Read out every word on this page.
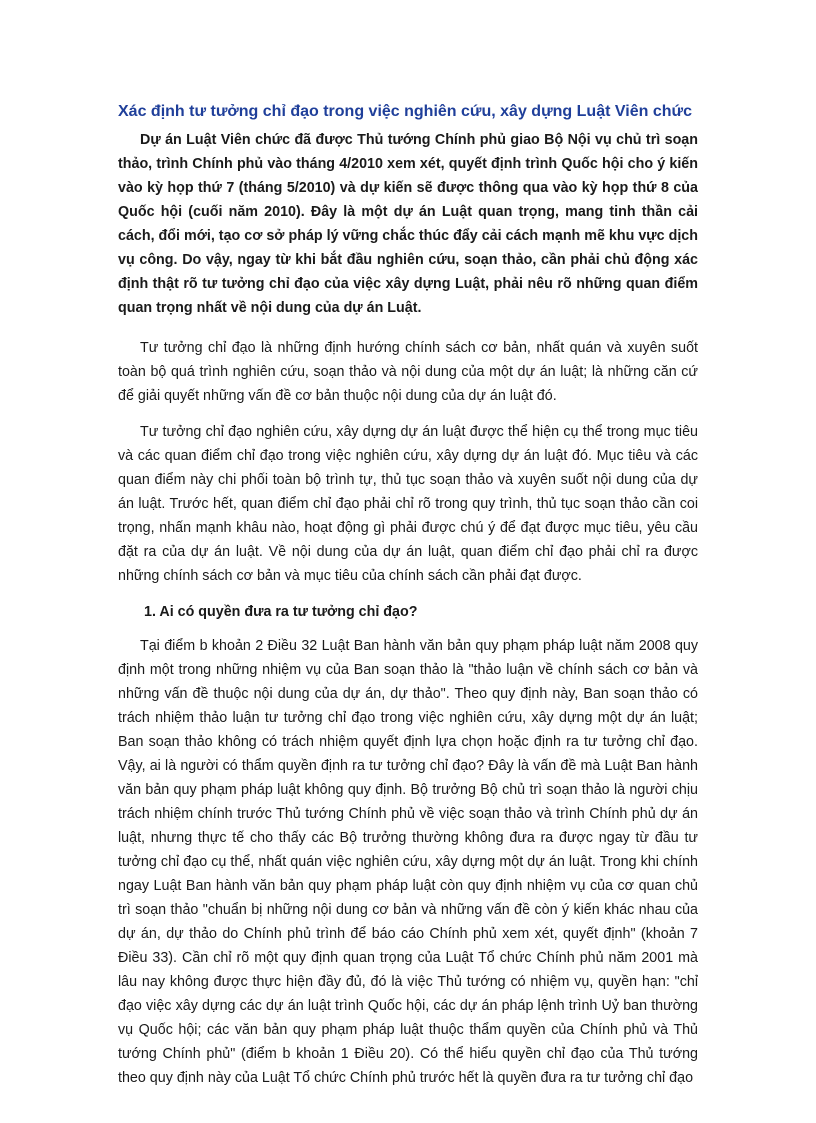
Xác định tư tưởng chỉ đạo trong việc nghiên cứu, xây dựng Luật Viên chức

Dự án Luật Viên chức đã được Thủ tướng Chính phủ giao Bộ Nội vụ chủ trì soạn thảo, trình Chính phủ vào tháng 4/2010 xem xét, quyết định trình Quốc hội cho ý kiến vào kỳ họp thứ 7 (tháng 5/2010) và dự kiến sẽ được thông qua vào kỳ họp thứ 8 của Quốc hội (cuối năm 2010). Đây là một dự án Luật quan trọng, mang tinh thần cải cách, đổi mới, tạo cơ sở pháp lý vững chắc thúc đẩy cải cách mạnh mẽ khu vực dịch vụ công. Do vậy, ngay từ khi bắt đầu nghiên cứu, soạn thảo, cần phải chủ động xác định thật rõ tư tưởng chỉ đạo của việc xây dựng Luật, phải nêu rõ những quan điểm quan trọng nhất về nội dung của dự án Luật.

Tư tưởng chỉ đạo là những định hướng chính sách cơ bản, nhất quán và xuyên suốt toàn bộ quá trình nghiên cứu, soạn thảo và nội dung của một dự án luật; là những căn cứ để giải quyết những vấn đề cơ bản thuộc nội dung của dự án luật đó.

Tư tưởng chỉ đạo nghiên cứu, xây dựng dự án luật được thể hiện cụ thể trong mục tiêu và các quan điểm chỉ đạo trong việc nghiên cứu, xây dựng dự án luật đó. Mục tiêu và các quan điểm này chi phối toàn bộ trình tự, thủ tục soạn thảo và xuyên suốt nội dung của dự án luật. Trước hết, quan điểm chỉ đạo phải chỉ rõ trong quy trình, thủ tục soạn thảo cần coi trọng, nhấn mạnh khâu nào, hoạt động gì phải được chú ý để đạt được mục tiêu, yêu cầu đặt ra của dự án luật. Về nội dung của dự án luật, quan điểm chỉ đạo phải chỉ ra được những chính sách cơ bản và mục tiêu của chính sách cần phải đạt được.

1. Ai có quyền đưa ra tư tưởng chỉ đạo?

Tại điểm b khoản 2 Điều 32 Luật Ban hành văn bản quy phạm pháp luật năm 2008 quy định một trong những nhiệm vụ của Ban soạn thảo là "thảo luận về chính sách cơ bản và những vấn đề thuộc nội dung của dự án, dự thảo". Theo quy định này, Ban soạn thảo có trách nhiệm thảo luận tư tưởng chỉ đạo trong việc nghiên cứu, xây dựng một dự án luật; Ban soạn thảo không có trách nhiệm quyết định lựa chọn hoặc định ra tư tưởng chỉ đạo. Vậy, ai là người có thẩm quyền định ra tư tưởng chỉ đạo? Đây là vấn đề mà Luật Ban hành văn bản quy phạm pháp luật không quy định. Bộ trưởng Bộ chủ trì soạn thảo là người chịu trách nhiệm chính trước Thủ tướng Chính phủ về việc soạn thảo và trình Chính phủ dự án luật, nhưng thực tế cho thấy các Bộ trưởng thường không đưa ra được ngay từ đầu tư tưởng chỉ đạo cụ thể, nhất quán việc nghiên cứu, xây dựng một dự án luật. Trong khi chính ngay Luật Ban hành văn bản quy phạm pháp luật còn quy định nhiệm vụ của cơ quan chủ trì soạn thảo "chuẩn bị những nội dung cơ bản và những vấn đề còn ý kiến khác nhau của dự án, dự thảo do Chính phủ trình để báo cáo Chính phủ xem xét, quyết định" (khoản 7 Điều 33). Cần chỉ rõ một quy định quan trọng của Luật Tổ chức Chính phủ năm 2001 mà lâu nay không được thực hiện đầy đủ, đó là việc Thủ tướng có nhiệm vụ, quyền hạn: "chỉ đạo việc xây dựng các dự án luật trình Quốc hội, các dự án pháp lệnh trình Uỷ ban thường vụ Quốc hội; các văn bản quy phạm pháp luật thuộc thẩm quyền của Chính phủ và Thủ tướng Chính phủ" (điểm b khoản 1 Điều 20). Có thể hiểu quyền chỉ đạo của Thủ tướng theo quy định này của Luật Tổ chức Chính phủ trước hết là quyền đưa ra tư tưởng chỉ đạo
